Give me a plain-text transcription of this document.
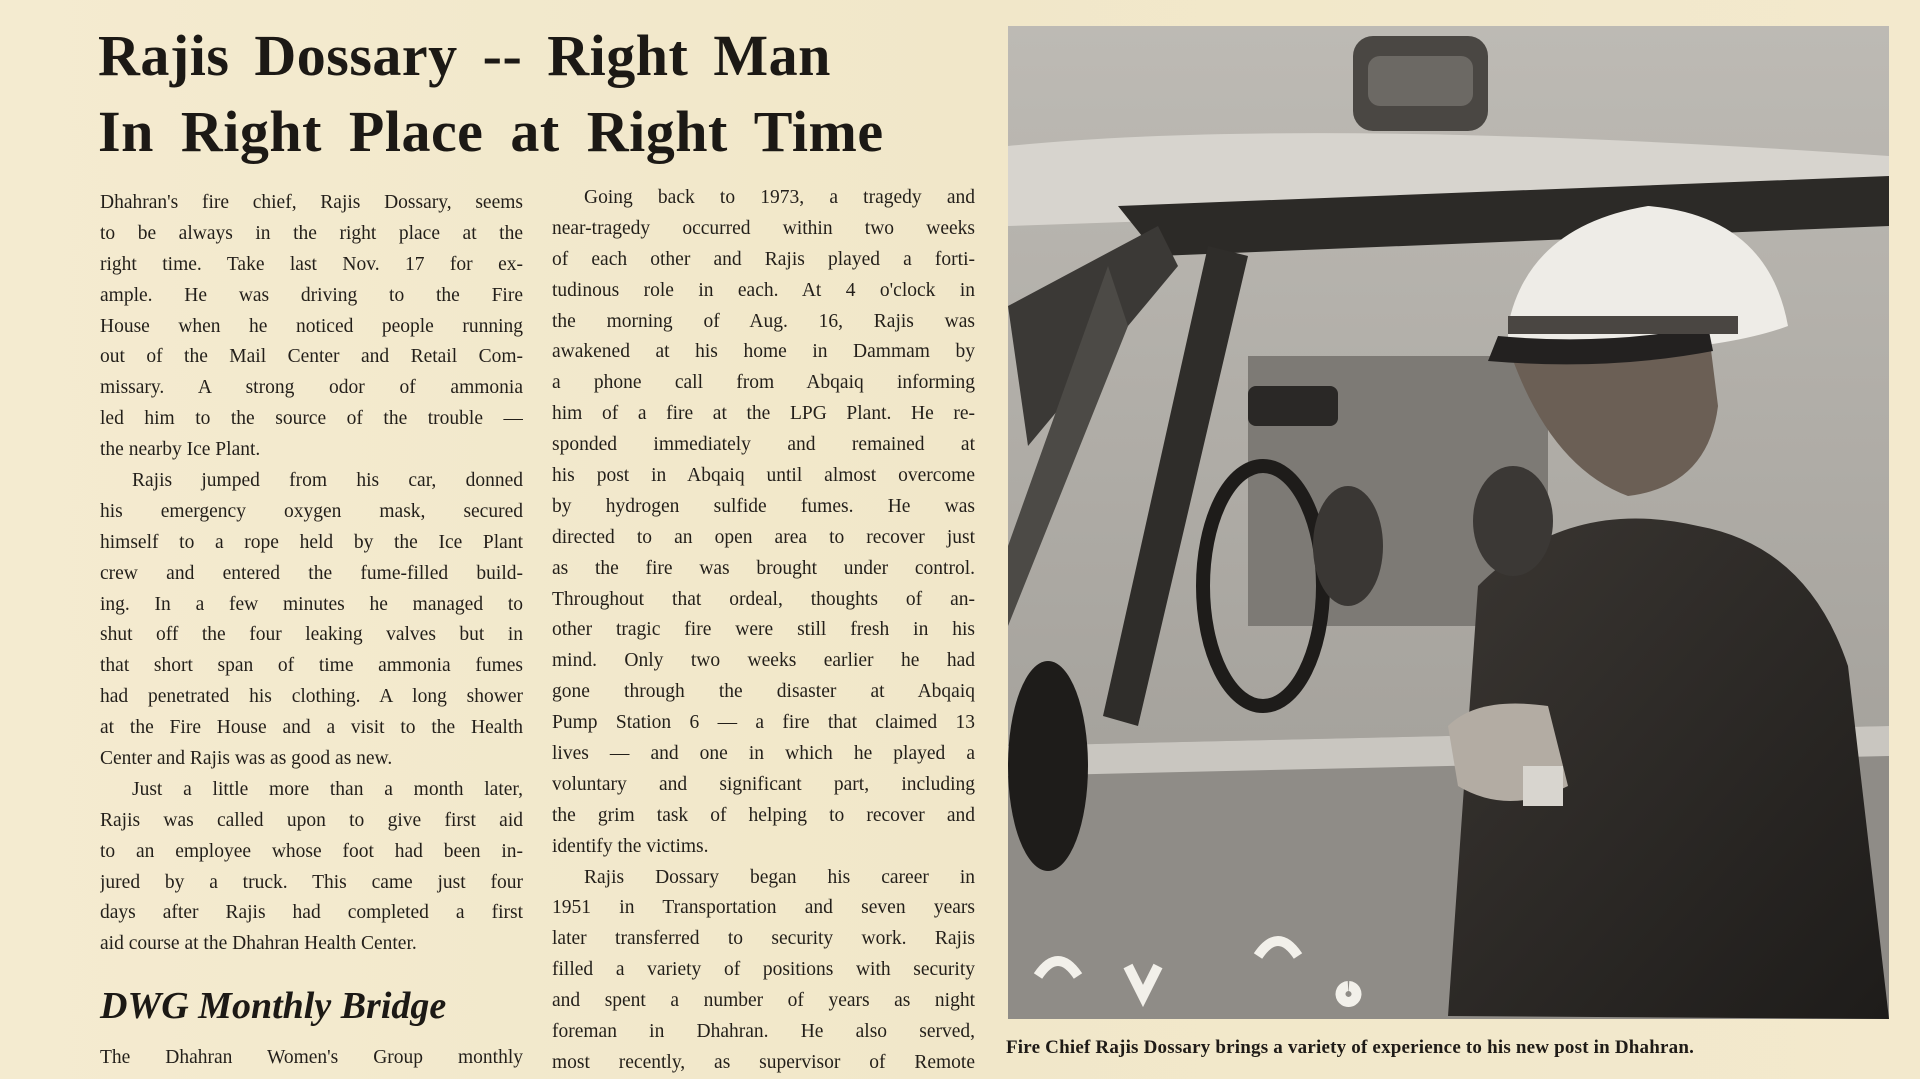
Rajis Dossary -- Right Man
In Right Place at Right Time
Dhahran's fire chief, Rajis Dossary, seems
to be always in the right place at the
right time. Take last Nov. 17 for ex-
ample. He was driving to the Fire
House when he noticed people running
out of the Mail Center and Retail Com-
missary. A strong odor of ammonia
led him to the source of the trouble —
the nearby Ice Plant.
Rajis jumped from his car, donned
his emergency oxygen mask, secured
himself to a rope held by the Ice Plant
crew and entered the fume-filled build-
ing. In a few minutes he managed to
shut off the four leaking valves but in
that short span of time ammonia fumes
had penetrated his clothing. A long shower
at the Fire House and a visit to the Health
Center and Rajis was as good as new.
Just a little more than a month later,
Rajis was called upon to give first aid
to an employee whose foot had been in-
jured by a truck. This came just four
days after Rajis had completed a first
aid course at the Dhahran Health Center.
Going back to 1973, a tragedy and
near-tragedy occurred within two weeks
of each other and Rajis played a forti-
tudinous role in each. At 4 o'clock in
the morning of Aug. 16, Rajis was
awakened at his home in Dammam by
a phone call from Abqaiq informing
him of a fire at the LPG Plant. He re-
sponded immediately and remained at
his post in Abqaiq until almost overcome
by hydrogen sulfide fumes. He was
directed to an open area to recover just
as the fire was brought under control.
Throughout that ordeal, thoughts of an-
other tragic fire were still fresh in his
mind. Only two weeks earlier he had
gone through the disaster at Abqaiq
Pump Station 6 — a fire that claimed 13
lives — and one in which he played a
voluntary and significant part, including
the grim task of helping to recover and
identify the victims.
Rajis Dossary began his career in
1951 in Transportation and seven years
later transferred to security work. Rajis
filled a variety of positions with security
and spent a number of years as night
foreman in Dhahran. He also served,
most recently, as supervisor of Remote
DWG Monthly Bridge
The Dhahran Women's Group monthly	Fire Chief Rajis Dossary brings a variety of experience to his new post in Dhahran.
